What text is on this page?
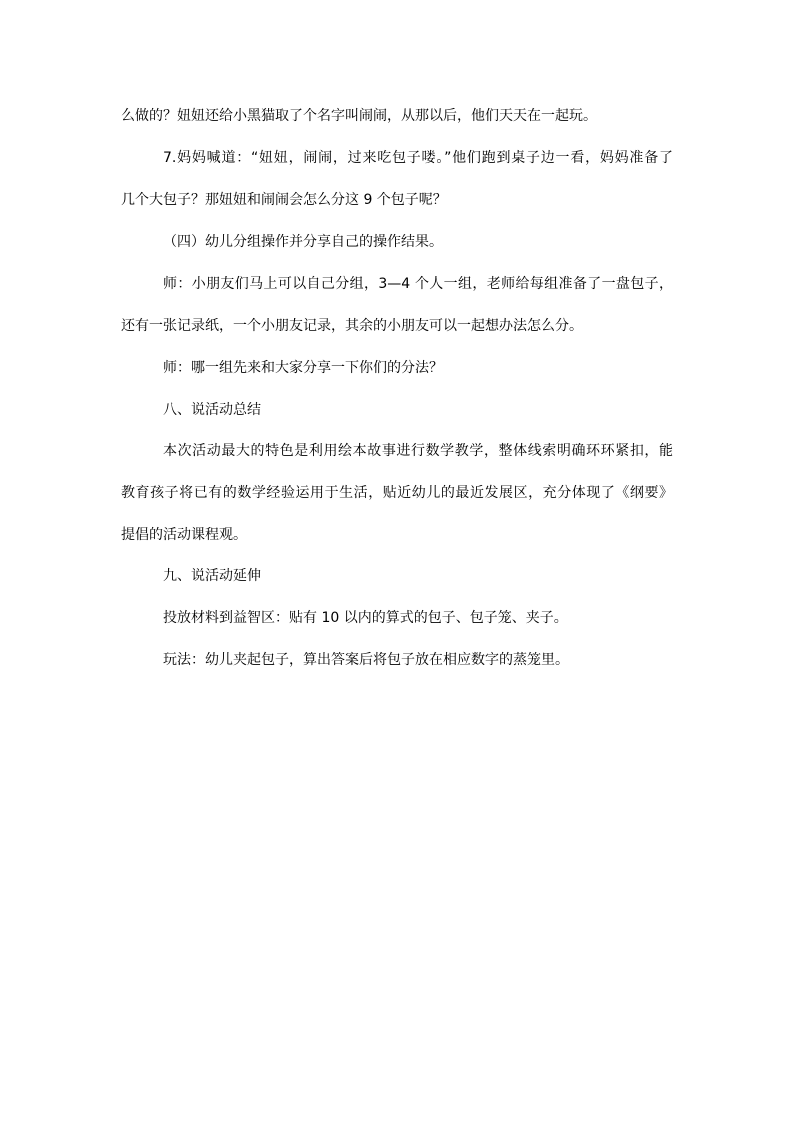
么做的？妞妞还给小黑猫取了个名字叫闹闹，从那以后，他们天天在一起玩。
7.妈妈喊道：“妞妞，闹闹，过来吃包子喽。”他们跑到桌子边一看，妈妈准备了
几个大包子？那妞妞和闹闹会怎么分这 9 个包子呢？
（四）幼儿分组操作并分享自己的操作结果。
师：小朋友们马上可以自己分组，3—4 个人一组，老师给每组准备了一盘包子，
还有一张记录纸，一个小朋友记录，其余的小朋友可以一起想办法怎么分。
师：哪一组先来和大家分享一下你们的分法？
八、说活动总结
本次活动最大的特色是利用绘本故事进行数学教学，整体线索明确环环紧扣，能
教育孩子将已有的数学经验运用于生活，贴近幼儿的最近发展区，充分体现了《纲要》
提倡的活动课程观。
九、说活动延伸
投放材料到益智区：贴有 10 以内的算式的包子、包子笼、夹子。
玩法：幼儿夹起包子，算出答案后将包子放在相应数字的蒸笼里。
